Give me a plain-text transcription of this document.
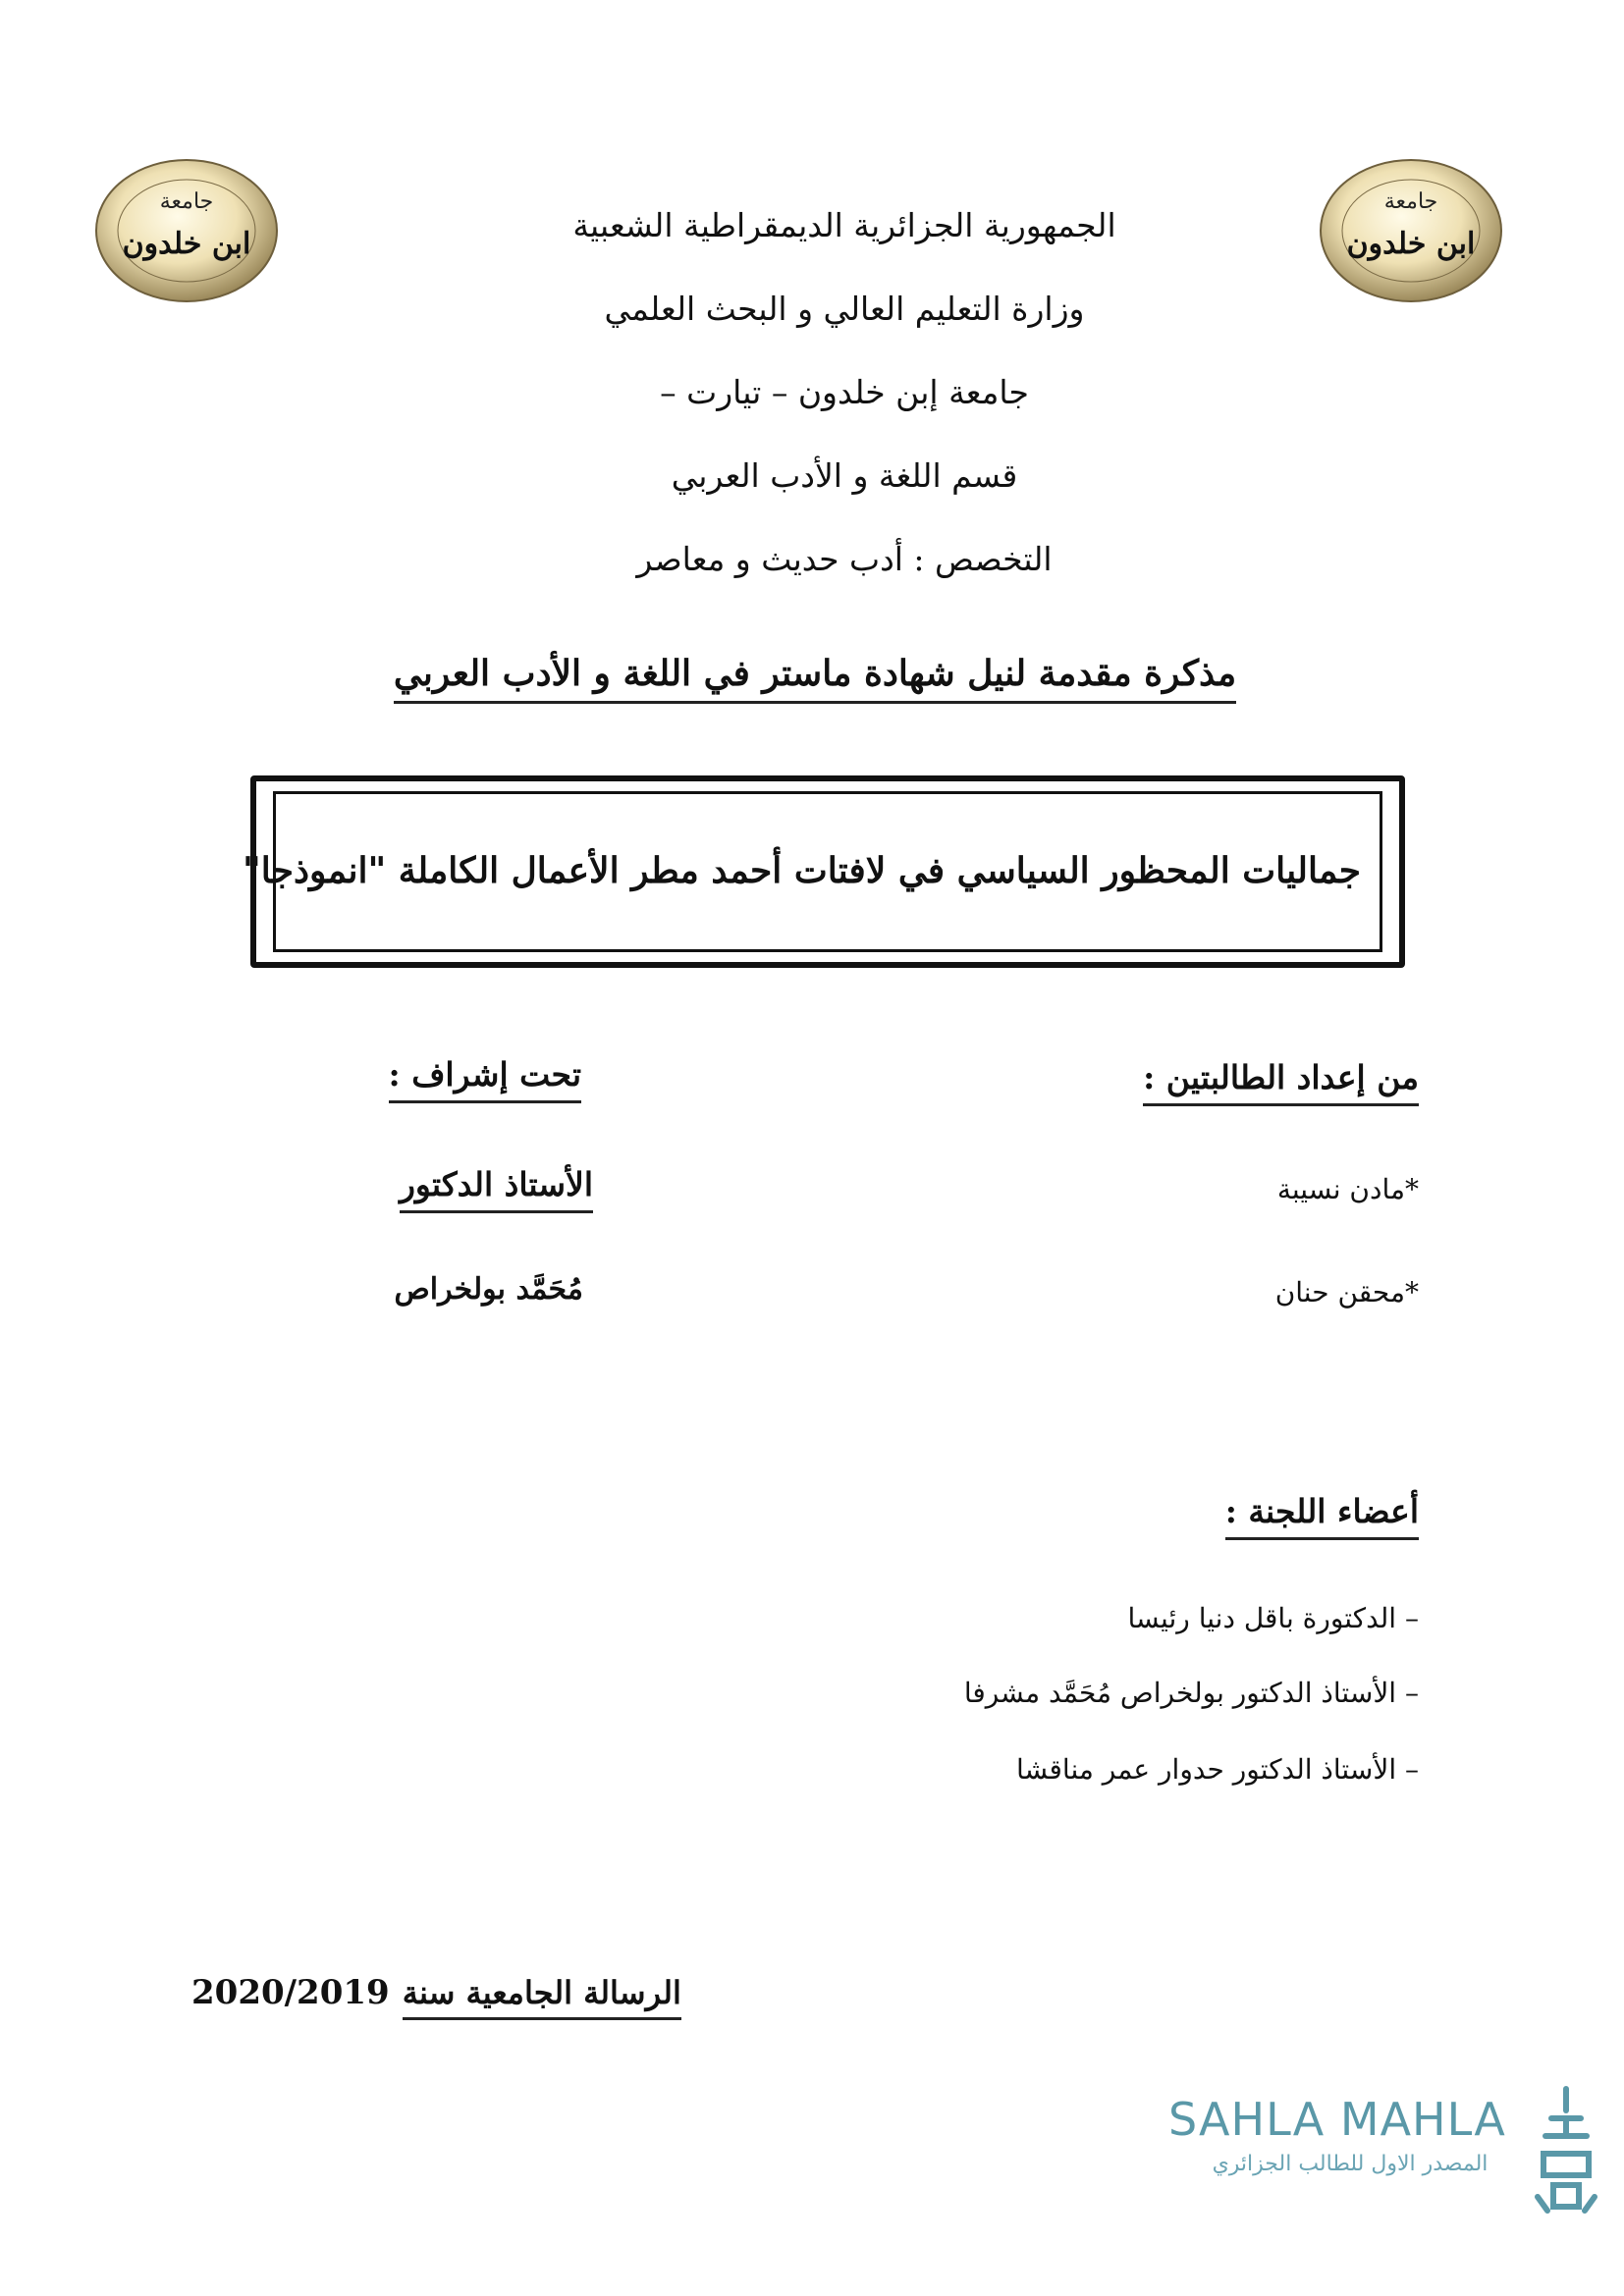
جامعة
ابن خلدون
جامعة
ابن خلدون
الجمهورية الجزائرية الديمقراطية الشعبية
وزارة التعليم العالي و البحث العلمي
جامعة إبن خلدون – تيارت –
قسم اللغة و الأدب العربي
التخصص : أدب حديث و معاصر
مذكرة مقدمة لنيل شهادة ماستر في اللغة و الأدب العربي
جماليات المحظور السياسي في لافتات أحمد مطر الأعمال الكاملة "انموذجا"
من إعداد الطالبتين :
*مادن نسيبة
*محقن حنان
تحت إشراف :
الأستاذ الدكتور
مُحَمَّد بولخراص
أعضاء اللجنة :
– الدكتورة باقل دنيا رئيسا
– الأستاذ الدكتور بولخراص مُحَمَّد مشرفا
– الأستاذ الدكتور حدوار عمر مناقشا
2020/2019 الرسالة الجامعية سنة
SAHLA MAHLA
المصدر الاول للطالب الجزائري
